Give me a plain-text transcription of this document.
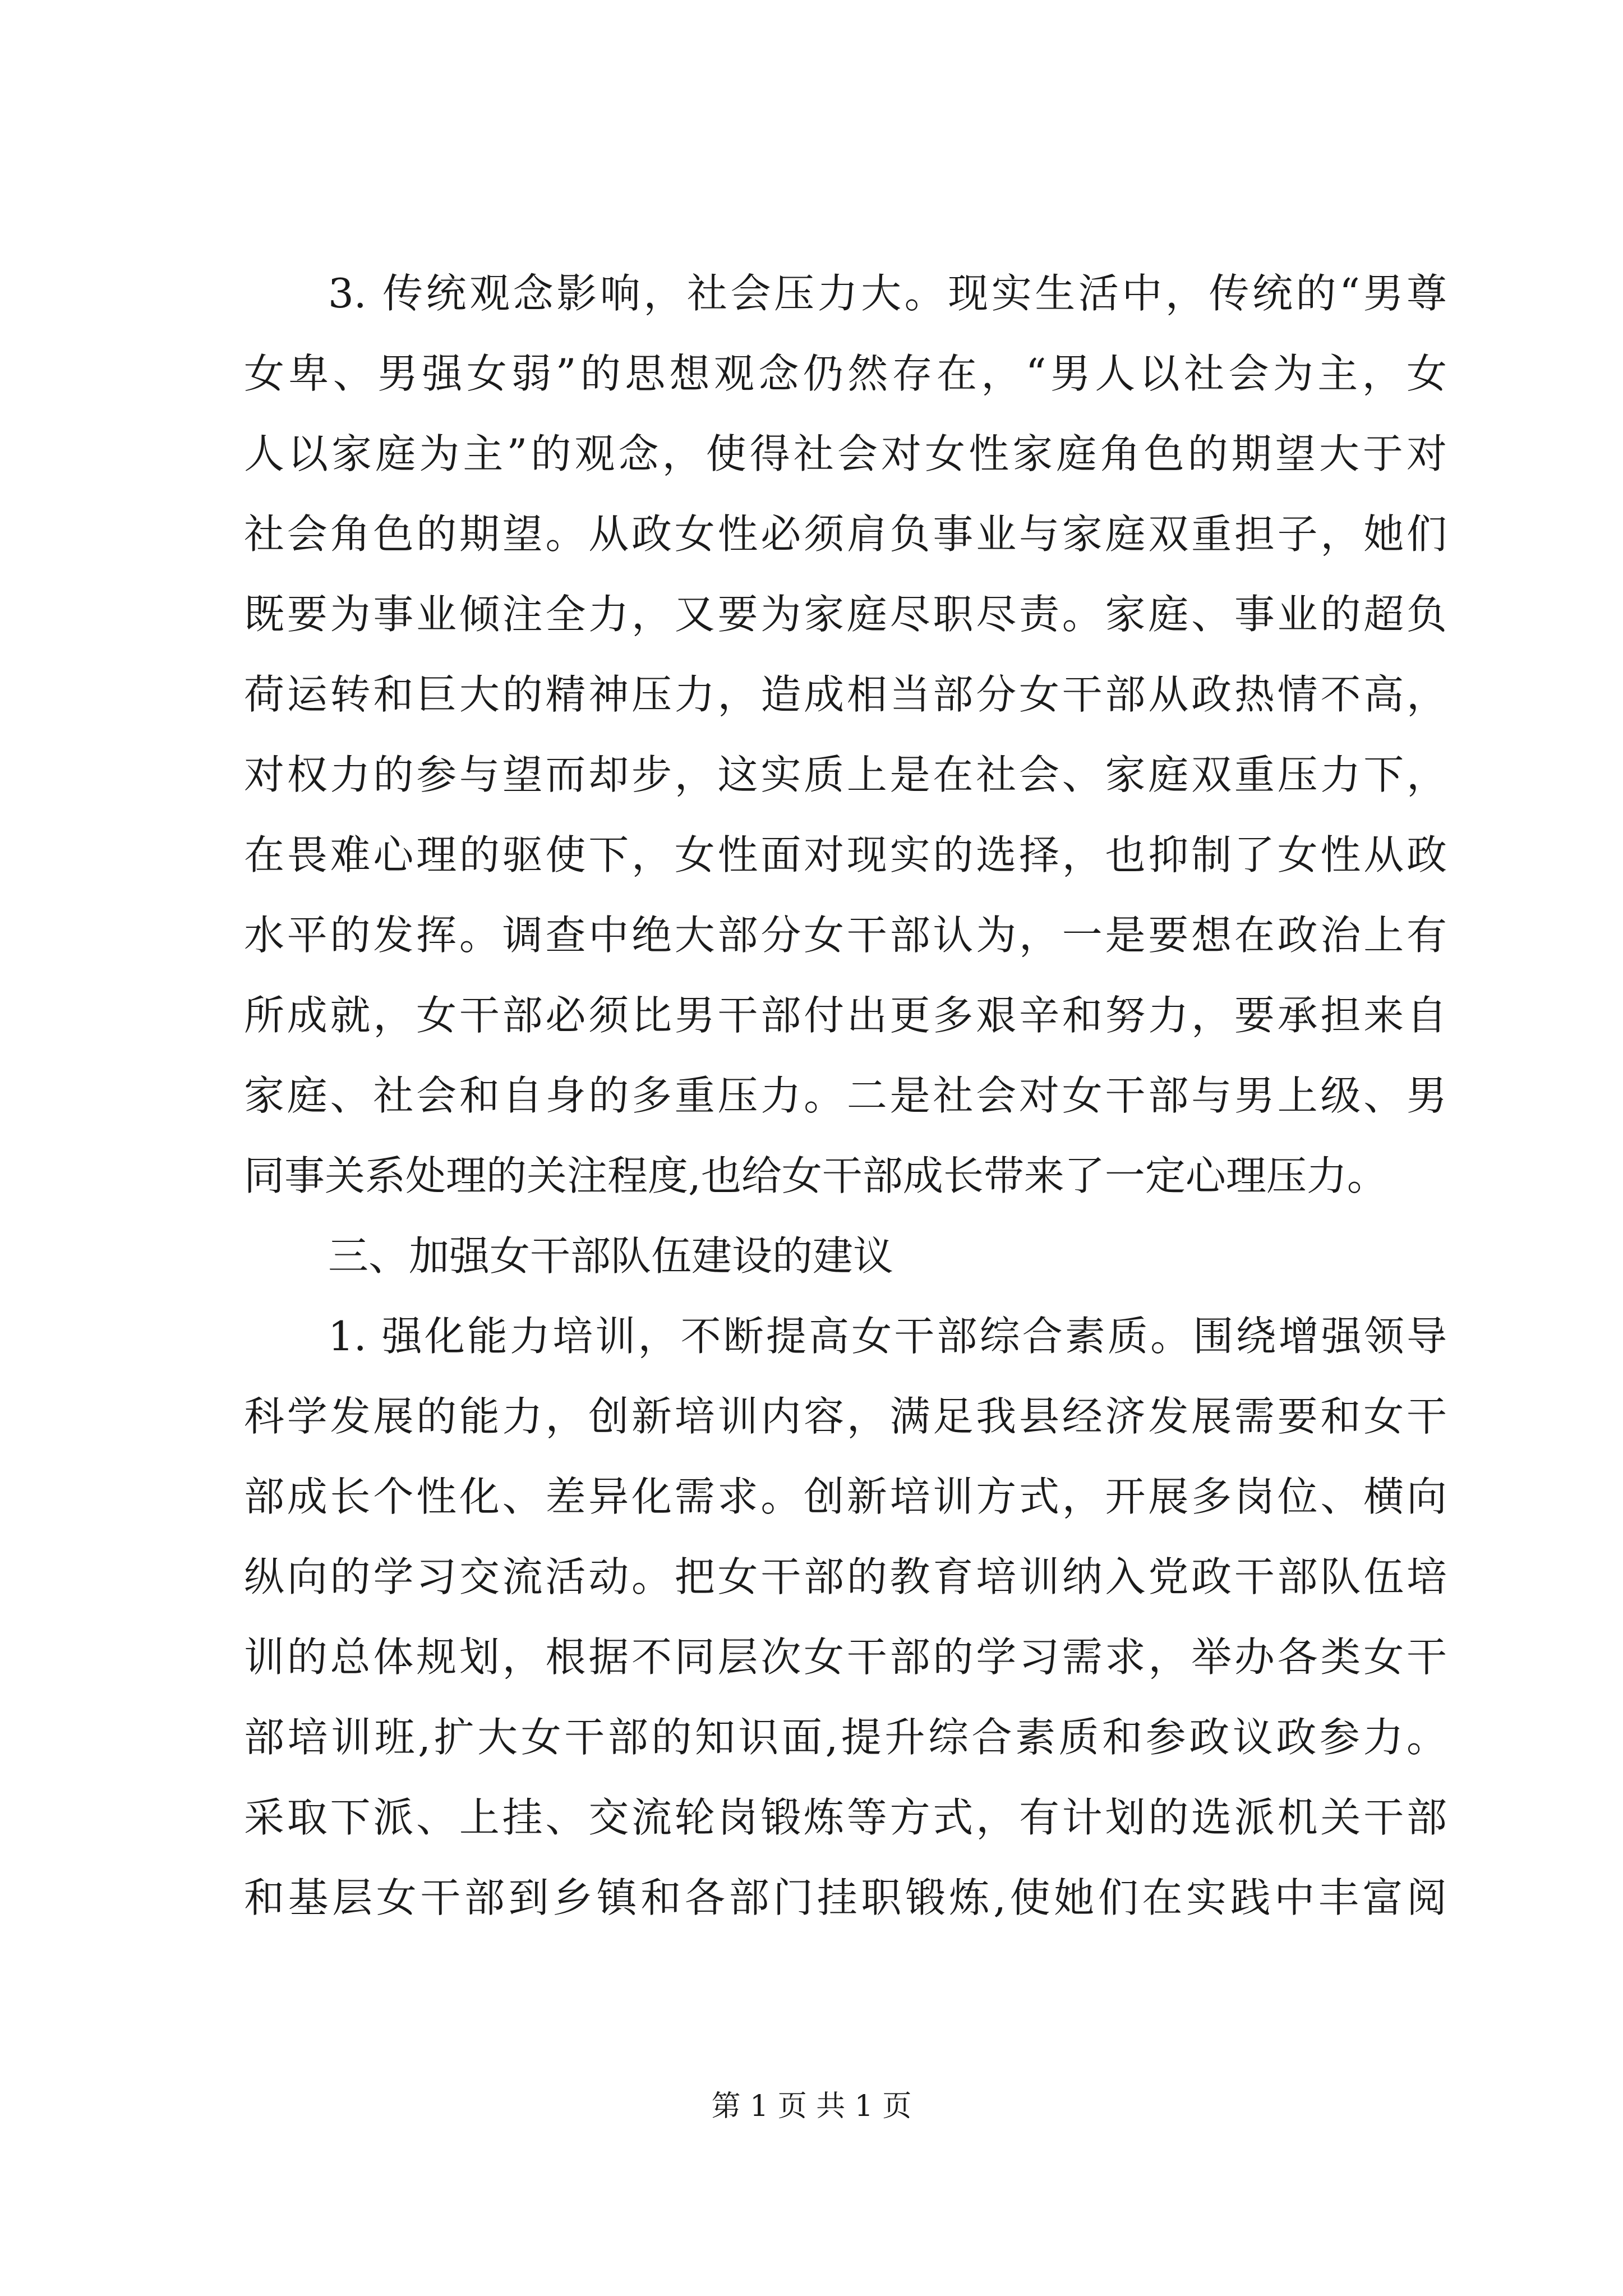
3. 传统观念影响，社会压力大。现实生活中，传统的“男尊
女卑、男强女弱”的思想观念仍然存在，“男人以社会为主，女
人以家庭为主”的观念，使得社会对女性家庭角色的期望大于对
社会角色的期望。从政女性必须肩负事业与家庭双重担子，她们
既要为事业倾注全力，又要为家庭尽职尽责。家庭、事业的超负
荷运转和巨大的精神压力，造成相当部分女干部从政热情不高，
对权力的参与望而却步，这实质上是在社会、家庭双重压力下，
在畏难心理的驱使下，女性面对现实的选择，也抑制了女性从政
水平的发挥。调查中绝大部分女干部认为，一是要想在政治上有
所成就，女干部必须比男干部付出更多艰辛和努力，要承担来自
家庭、社会和自身的多重压力。二是社会对女干部与男上级、男
同事关系处理的关注程度,也给女干部成长带来了一定心理压力。
三、加强女干部队伍建设的建议
1. 强化能力培训，不断提高女干部综合素质。围绕增强领导
科学发展的能力，创新培训内容，满足我县经济发展需要和女干
部成长个性化、差异化需求。创新培训方式，开展多岗位、横向
纵向的学习交流活动。把女干部的教育培训纳入党政干部队伍培
训的总体规划，根据不同层次女干部的学习需求，举办各类女干
部培训班,扩大女干部的知识面,提升综合素质和参政议政参力。
采取下派、上挂、交流轮岗锻炼等方式，有计划的选派机关干部
和基层女干部到乡镇和各部门挂职锻炼,使她们在实践中丰富阅
第 1 页 共 1 页
